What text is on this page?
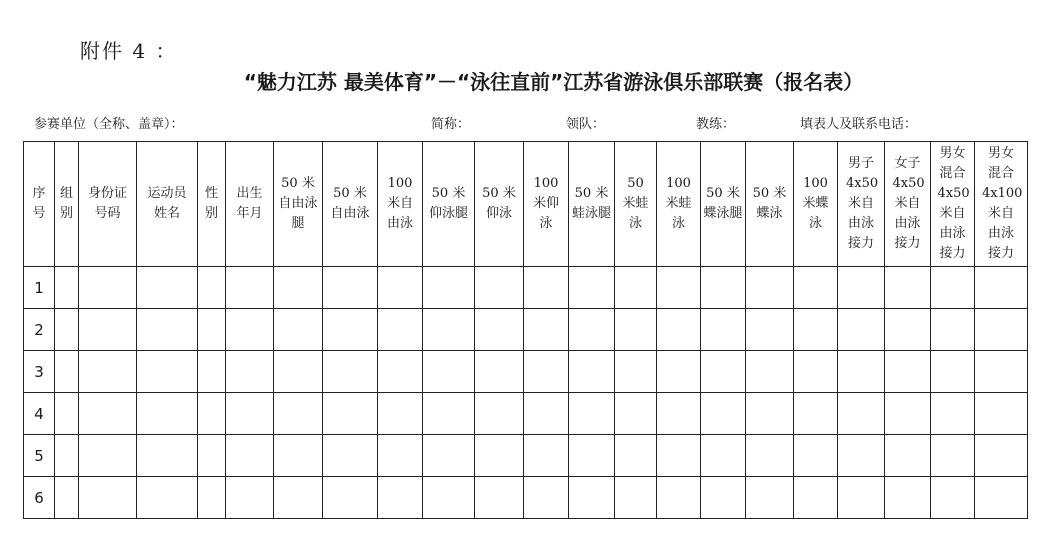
附件 4 ：
“魅力江苏 最美体育”－“泳往直前”江苏省游泳俱乐部联赛（报名表）
参赛单位（全称、盖章）：	简称：	领队：	教练：	填表人及联系电话：
序号	组别	身份证号码	运动员姓名	性别	出生年月	50 米自由泳腿	50 米自由泳	100 米自由泳	50 米仰泳腿	50 米仰泳	100 米仰泳	50 米蛙泳腿	50 米蛙泳	100 米蛙泳	50 米蝶泳腿	50 米蝶泳	100 米蝶泳	男子 4x50 米自由泳接力	女子 4x50 米自由泳接力	男女混合 4x50 米自由泳接力	男女混合 4x100 米自由泳接力
1																					
2																					
3																					
4																					
5																					
6																					
